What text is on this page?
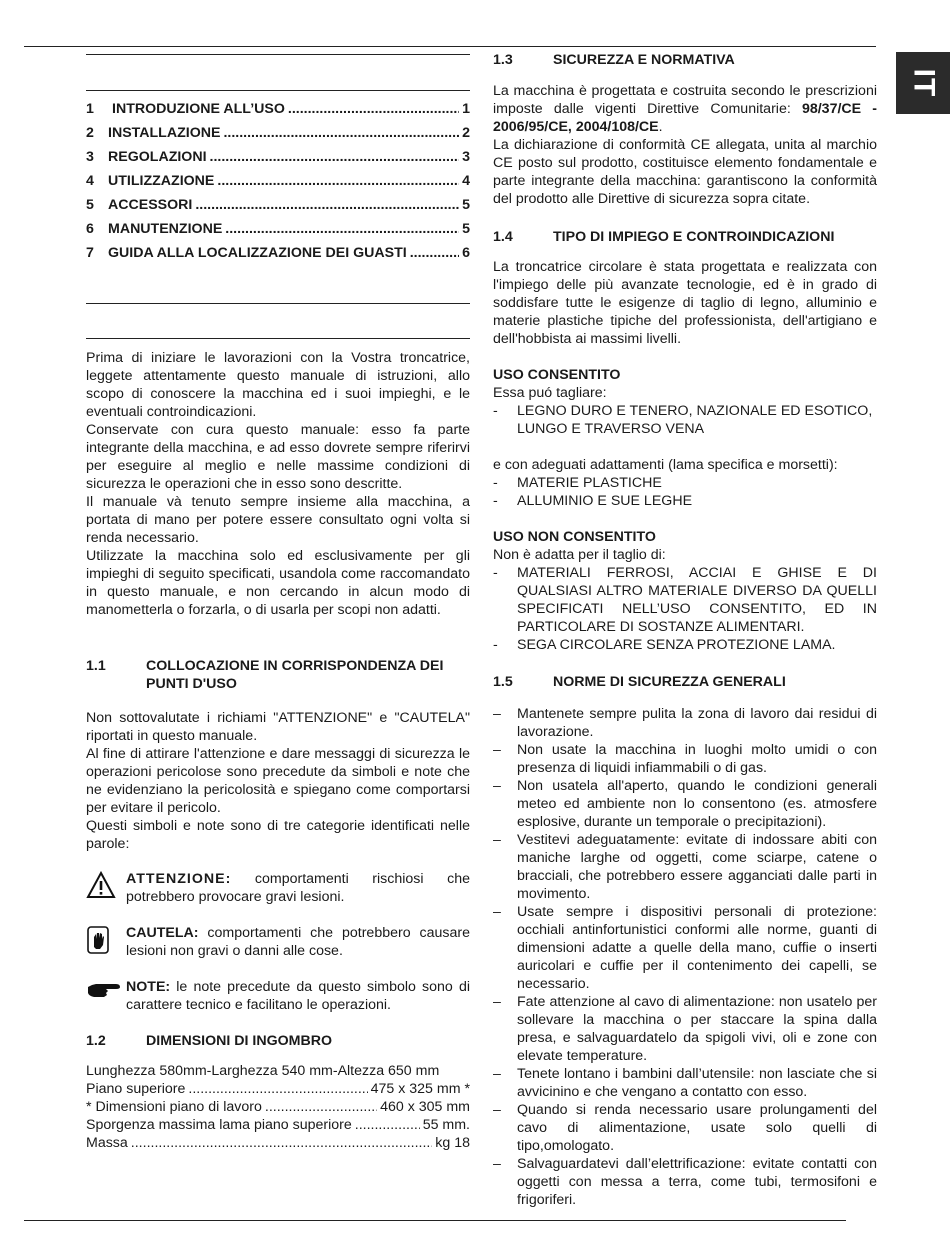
IT
1	INTRODUZIONE ALL’USO .....	1
2 INSTALLAZIONE .....	2
3 REGOLAZIONI .....	3
4 UTILIZZAZIONE .....	4
5 ACCESSORI .....	5
6 MANUTENZIONE .....	5
7 GUIDA ALLA LOCALIZZAZIONE DEI GUASTI .....	6

Prima di iniziare le lavorazioni con la Vostra troncatrice, leggete attentamente questo manuale di istruzioni, allo scopo di conoscere la macchina ed i suoi impieghi, e le eventuali controindicazioni.

Conservate con cura questo manuale: esso fa parte integrante della macchina, e ad esso dovrete sempre riferirvi per eseguire al meglio e nelle massime condizioni di sicurezza le operazioni che in esso sono descritte.

Il manuale và tenuto sempre insieme alla macchina, a portata di mano per potere essere consultato ogni volta si renda necessario.

Utilizzate la macchina solo ed esclusivamente per gli impieghi di seguito specificati, usandola come raccomandato in questo manuale, e non cercando in alcun modo di manometterla o forzarla, o di usarla per scopi non adatti.

1.1	COLLOCAZIONE IN CORRISPONDENZA DEI PUNTI D'USO

Non sottovalutate i richiami "ATTENZIONE" e "CAUTELA" riportati in questo manuale.

Al fine di attirare l'attenzione e dare messaggi di sicurezza le operazioni pericolose sono precedute da simboli e note che ne evidenziano la pericolosità e spiegano come comportarsi per evitare il pericolo.

Questi simboli e note sono di tre categorie identificati nelle parole:

ATTENZIONE: comportamenti rischiosi che potrebbero provocare gravi lesioni.

CAUTELA: comportamenti che potrebbero causare lesioni non gravi o danni alle cose.

NOTE: le note precedute da questo simbolo sono di carattere tecnico e facilitano le operazioni.

1.2	DIMENSIONI DI INGOMBRO
Lunghezza 580mm-Larghezza 540 mm-Altezza 650 mm
Piano superiore .....	475 x 325 mm *
* Dimensioni piano di lavoro .....	460 x 305 mm
Sporgenza massima lama piano superiore .....	55 mm.
Massa .....	kg 18
1.3	SICUREZZA E NORMATIVA

La macchina è progettata e costruita secondo le prescrizioni imposte dalle vigenti Direttive Comunitarie: 98/37/CE - 2006/95/CE, 2004/108/CE.

La dichiarazione di conformità CE allegata, unita al marchio CE posto sul prodotto, costituisce elemento fondamentale e parte integrante della macchina: garantiscono la conformità del prodotto alle Direttive di sicurezza sopra citate.

1.4	TIPO DI IMPIEGO E CONTROINDICAZIONI

La troncatrice circolare è stata progettata e realizzata con l'impiego delle più avanzate tecnologie, ed è in grado di soddisfare tutte le esigenze di taglio di legno, alluminio e materie plastiche tipiche del professionista, dell'artigiano e dell'hobbista ai massimi livelli.

USO CONSENTITO
Essa puó tagliare:
-	LEGNO DURO E TENERO, NAZIONALE ED ESOTICO, LUNGO E TRAVERSO VENA
e con adeguati adattamenti (lama specifica e morsetti):
-	MATERIE PLASTICHE
-	ALLUMINIO E SUE LEGHE
USO NON CONSENTITO
Non è adatta per il taglio di:
-	MATERIALI FERROSI, ACCIAI E GHISE E DI QUALSIASI ALTRO MATERIALE DIVERSO DA QUELLI SPECIFICATI NELL’USO CONSENTITO, ED IN PARTICOLARE DI SOSTANZE ALIMENTARI.
-	SEGA CIRCOLARE SENZA PROTEZIONE LAMA.
1.5	NORME DI SICUREZZA GENERALI
–	Mantenete sempre pulita la zona di lavoro dai residui di lavorazione.
–	Non usate la macchina in luoghi molto umidi o con presenza di liquidi infiammabili o di gas.
–	Non usatela all'aperto, quando le condizioni generali meteo ed ambiente non lo consentono (es. atmosfere esplosive, durante un temporale o precipitazioni).
–	Vestitevi adeguatamente: evitate di indossare abiti con maniche larghe od oggetti, come sciarpe, catene o bracciali, che potrebbero essere agganciati dalle parti in movimento.
–	Usate sempre i dispositivi personali di protezione: occhiali antinfortunistici conformi alle norme, guanti di dimensioni adatte a quelle della mano, cuffie o inserti auricolari e cuffie per il contenimento dei capelli, se necessario.
–	Fate attenzione al cavo di alimentazione: non usatelo per sollevare la macchina o per staccare la spina dalla presa, e salvaguardatelo da spigoli vivi, oli e zone con elevate temperature.
–	Tenete lontano i bambini dall’utensile: non lasciate che si avvicinino e che vengano a contatto con esso.
–	Quando si renda necessario usare prolungamenti del cavo di alimentazione, usate solo quelli di tipo,omologato.
–	Salvaguardatevi dall’elettrificazione: evitate contatti con oggetti con messa a terra, come tubi, termosifoni e frigoriferi.
